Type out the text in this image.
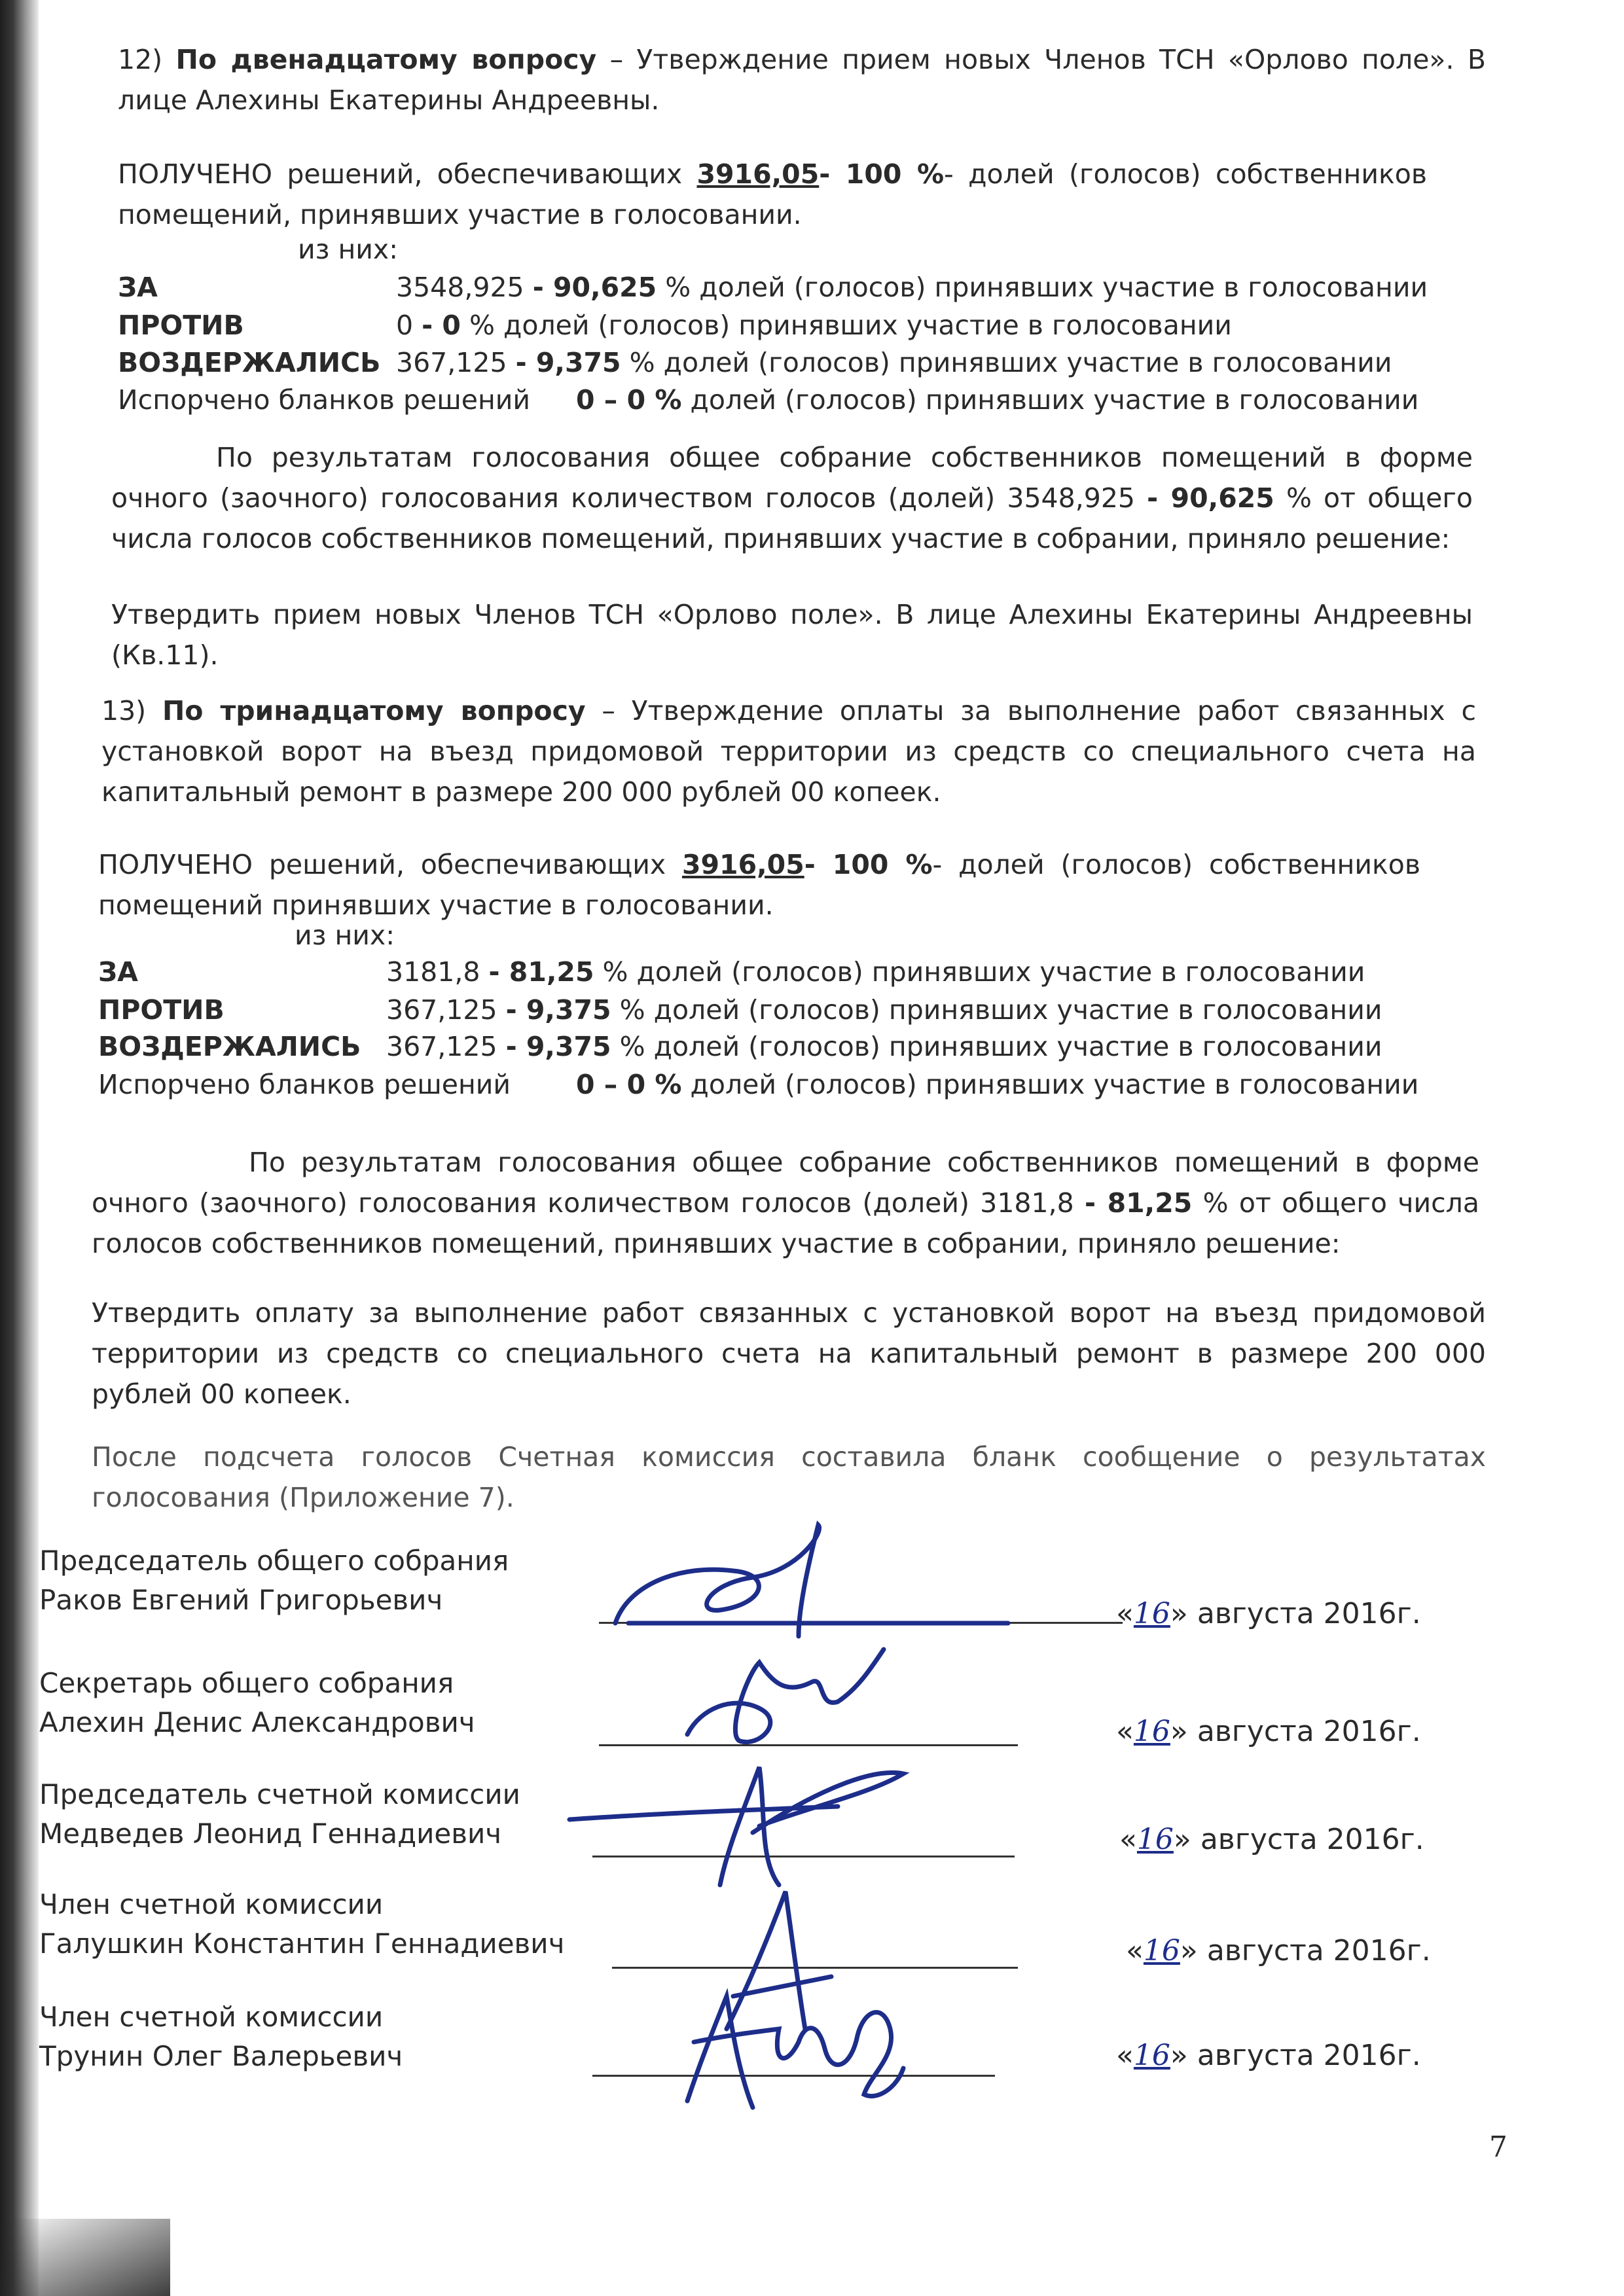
12) По двенадцатому вопросу – Утверждение прием новых Членов ТСН «Орлово поле». В лице Алехины Екатерины Андреевны.
ПОЛУЧЕНО решений, обеспечивающих 3916,05- 100 %- долей (голосов) собственников помещений, принявших участие в голосовании.
из них:
ЗА	3548,925 - 90,625 % долей (голосов) принявших участие в голосовании
ПРОТИВ	0 - 0 % долей (голосов) принявших участие в голосовании
ВОЗДЕРЖАЛИСЬ 367,125 - 9,375 % долей (голосов) принявших участие в голосовании
Испорчено бланков решений 0 – 0 % долей (голосов) принявших участие в голосовании
По результатам голосования общее собрание собственников помещений в форме очного (заочного) голосования количеством голосов (долей) 3548,925 - 90,625 % от общего числа голосов собственников помещений, принявших участие в собрании, приняло решение:
Утвердить прием новых Членов ТСН «Орлово поле». В лице Алехины Екатерины Андреевны (Кв.11).
13) По тринадцатому вопросу – Утверждение оплаты за выполнение работ связанных с установкой ворот на въезд придомовой территории из средств со специального счета на капитальный ремонт в размере 200 000 рублей 00 копеек.
ПОЛУЧЕНО решений, обеспечивающих 3916,05- 100 %- долей (голосов) собственников помещений принявших участие в голосовании.
из них:
ЗА	3181,8 - 81,25 % долей (голосов) принявших участие в голосовании
ПРОТИВ	367,125 - 9,375 % долей (голосов) принявших участие в голосовании
ВОЗДЕРЖАЛИСЬ 367,125 - 9,375 % долей (голосов) принявших участие в голосовании
Испорчено бланков решений 0 – 0 % долей (голосов) принявших участие в голосовании
По результатам голосования общее собрание собственников помещений в форме очного (заочного) голосования количеством голосов (долей) 3181,8 - 81,25 % от общего числа голосов собственников помещений, принявших участие в собрании, приняло решение:
Утвердить оплату за выполнение работ связанных с установкой ворот на въезд придомовой территории из средств со специального счета на капитальный ремонт в размере 200 000 рублей 00 копеек.
После подсчета голосов Счетная комиссия составила бланк сообщение о результатах голосования (Приложение 7).
Председатель общего собрания
Раков Евгений Григорьевич	«16» августа 2016г.
Секретарь общего собрания
Алехин Денис Александрович	«16» августа 2016г.
Председатель счетной комиссии
Медведев Леонид Геннадиевич	«16» августа 2016г.
Член счетной комиссии
Галушкин Константин Геннадиевич	«16» августа 2016г.
Член счетной комиссии
Трунин Олег Валерьевич	«16» августа 2016г.
7
